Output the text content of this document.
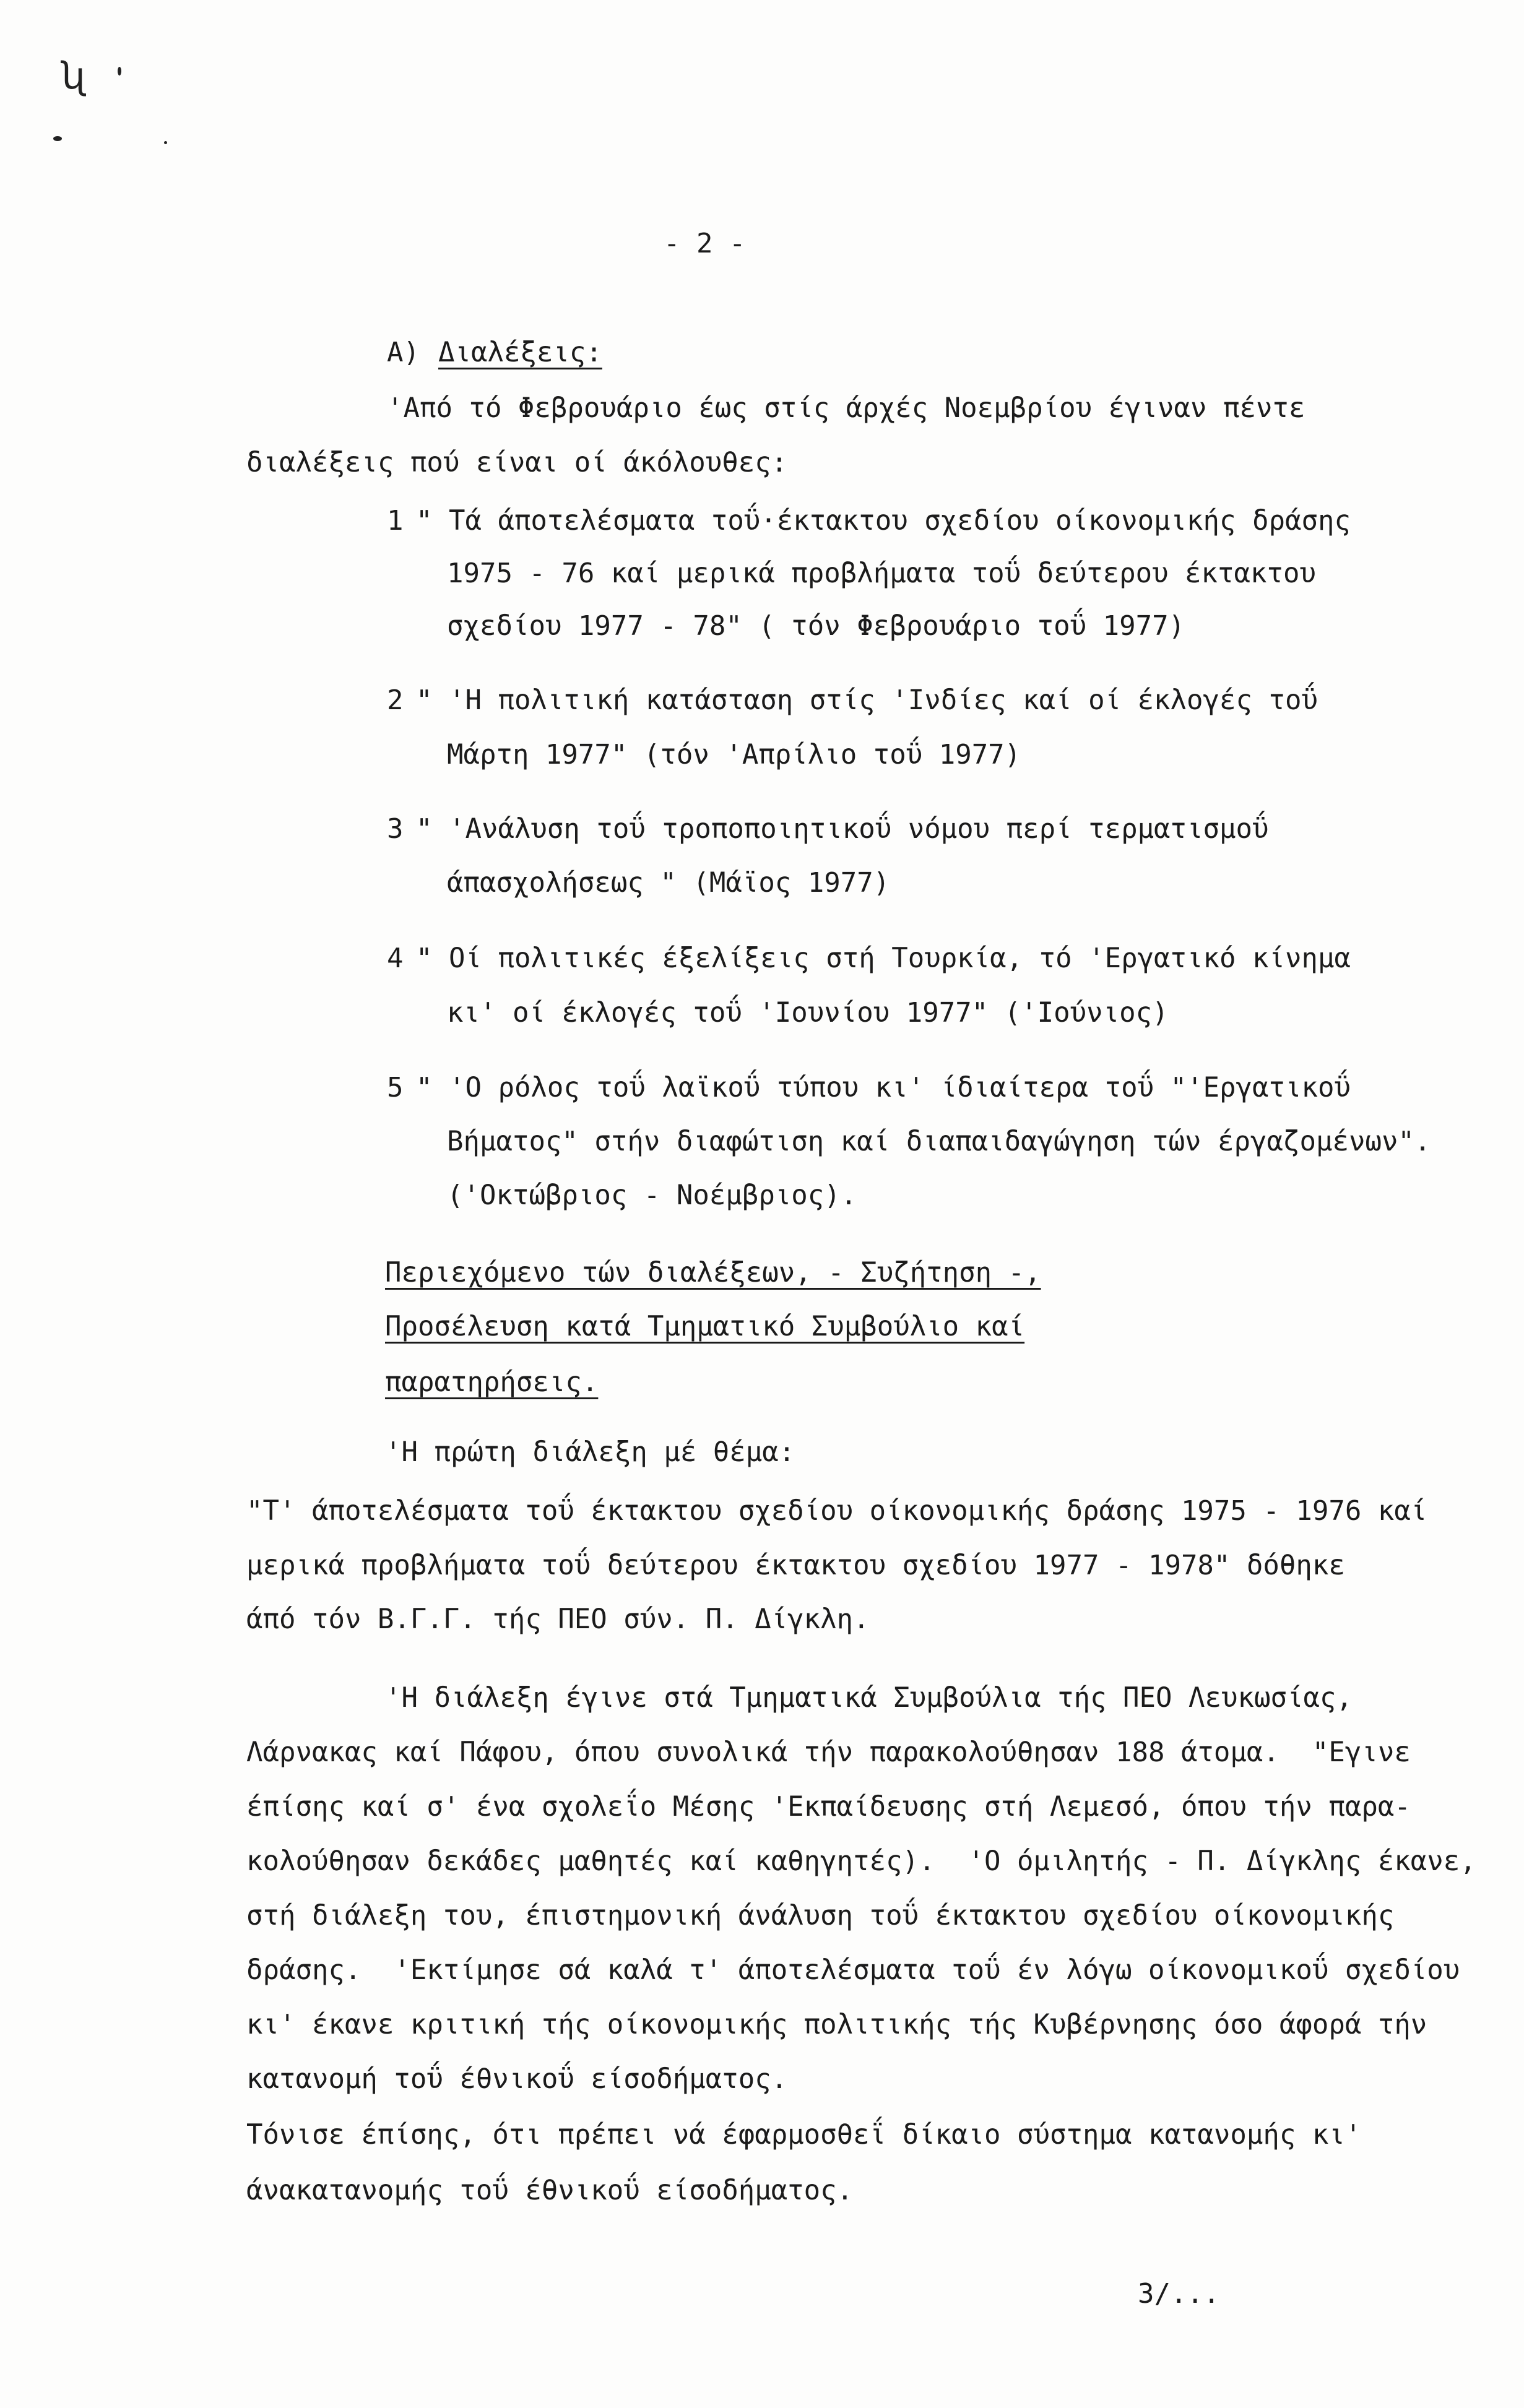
ʯ
- 2 -
A) Διαλέξεις:
'Από τό Φεβρουάριο έως στίς άρχές Νοεμβρίου έγιναν πέντε
διαλέξεις πού είναι οί άκόλουθες:
1 " Τά άποτελέσματα τοΰ·έκτακτου σχεδίου οίκονομικής δράσης
1975 - 76 καί μερικά προβλήματα τοΰ δεύτερου έκτακτου
σχεδίου 1977 - 78" ( τόν Φεβρουάριο τοΰ 1977)
2 " 'Η πολιτική κατάσταση στίς 'Ινδίες καί οί έκλογές τοΰ
Μάρτη 1977" (τόν 'Απρίλιο τοΰ 1977)
3 " 'Ανάλυση τοΰ τροποποιητικοΰ νόμου περί τερματισμοΰ
άπασχολήσεως " (Μάϊος 1977)
4 " Οί πολιτικές έξελίξεις στή Τουρκία, τό 'Εργατικό κίνημα
κι' οί έκλογές τοΰ 'Ιουνίου 1977" ('Ιούνιος)
5 " 'Ο ρόλος τοΰ λαϊκοΰ τύπου κι' ίδιαίτερα τοΰ "'Εργατικοΰ
Βήματος" στήν διαφώτιση καί διαπαιδαγώγηση τών έργαζομένων".
('Οκτώβριος - Νοέμβριος).
Περιεχόμενο τών διαλέξεων, - Συζήτηση -,
Προσέλευση κατά Τμηματικό Συμβούλιο καί
παρατηρήσεις.
'Η πρώτη διάλεξη μέ θέμα:
"Τ' άποτελέσματα τοΰ έκτακτου σχεδίου οίκονομικής δράσης 1975 - 1976 καί
μερικά προβλήματα τοΰ δεύτερου έκτακτου σχεδίου 1977 - 1978" δόθηκε
άπό τόν Β.Γ.Γ. τής ΠΕΟ σύν. Π. Δίγκλη.
'Η διάλεξη έγινε στά Τμηματικά Συμβούλια τής ΠΕΟ Λευκωσίας,
Λάρνακας καί Πάφου, όπου συνολικά τήν παρακολούθησαν 188 άτομα.  "Εγινε
έπίσης καί σ' ένα σχολεΐο Μέσης 'Εκπαίδευσης στή Λεμεσό, όπου τήν παρα-
κολούθησαν δεκάδες μαθητές καί καθηγητές).  'Ο όμιλητής - Π. Δίγκλης έκανε,
στή διάλεξη του, έπιστημονική άνάλυση τοΰ έκτακτου σχεδίου οίκονομικής
δράσης.  'Εκτίμησε σά καλά τ' άποτελέσματα τοΰ έν λόγω οίκονομικοΰ σχεδίου
κι' έκανε κριτική τής οίκονομικής πολιτικής τής Κυβέρνησης όσο άφορά τήν
κατανομή τοΰ έθνικοΰ είσοδήματος.
Τόνισε έπίσης, ότι πρέπει νά έφαρμοσθεΐ δίκαιο σύστημα κατανομής κι'
άνακατανομής τοΰ έθνικοΰ είσοδήματος.
3/...
